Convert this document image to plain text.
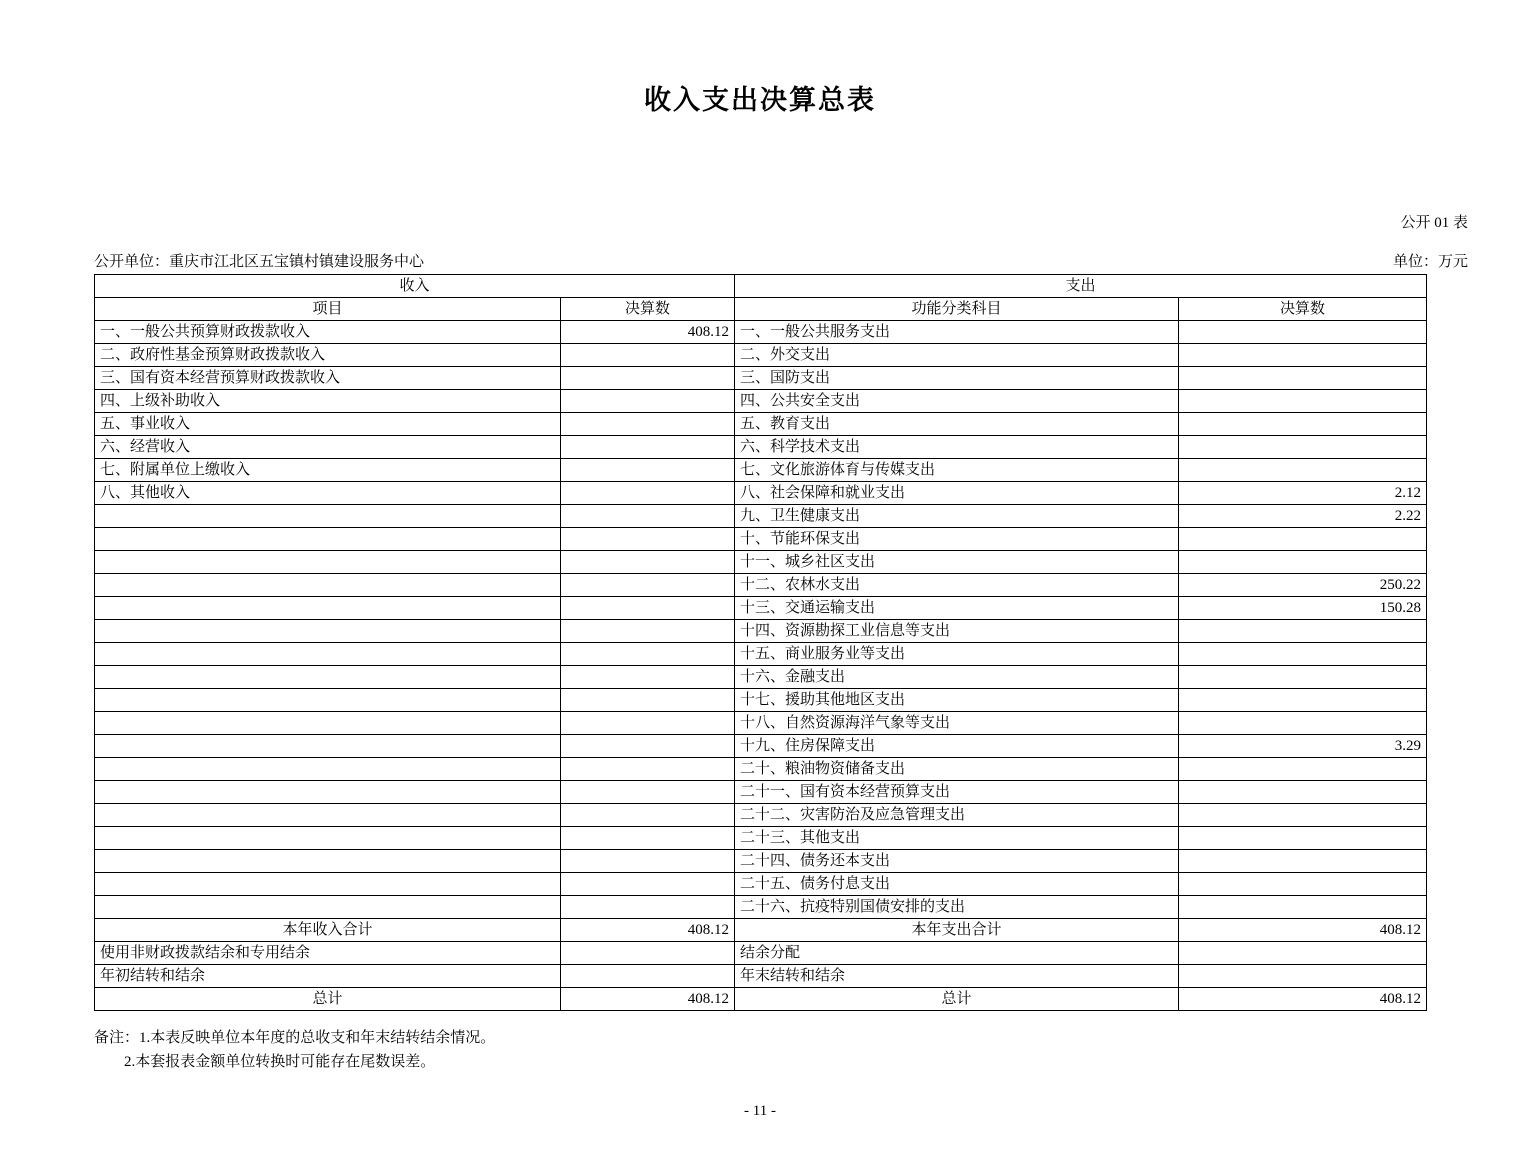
收入支出决算总表
公开 01 表
公开单位：重庆市江北区五宝镇村镇建设服务中心	单位：万元
收入		支出	
项目	决算数	功能分类科目	决算数
一、一般公共预算财政拨款收入	408.12	一、一般公共服务支出	
二、政府性基金预算财政拨款收入		二、外交支出	
三、国有资本经营预算财政拨款收入		三、国防支出	
四、上级补助收入		四、公共安全支出	
五、事业收入		五、教育支出	
六、经营收入		六、科学技术支出	
七、附属单位上缴收入		七、文化旅游体育与传媒支出	
八、其他收入		八、社会保障和就业支出	2.12
		九、卫生健康支出	2.22
		十、节能环保支出	
		十一、城乡社区支出	
		十二、农林水支出	250.22
		十三、交通运输支出	150.28
		十四、资源勘探工业信息等支出	
		十五、商业服务业等支出	
		十六、金融支出	
		十七、援助其他地区支出	
		十八、自然资源海洋气象等支出	
		十九、住房保障支出	3.29
		二十、粮油物资储备支出	
		二十一、国有资本经营预算支出	
		二十二、灾害防治及应急管理支出	
		二十三、其他支出	
		二十四、债务还本支出	
		二十五、债务付息支出	
		二十六、抗疫特别国债安排的支出	
本年收入合计	408.12	本年支出合计	408.12
使用非财政拨款结余和专用结余		结余分配	
年初结转和结余		年末结转和结余	
总计	408.12	总计	408.12
备注：1.本表反映单位本年度的总收支和年末结转结余情况。
2.本套报表金额单位转换时可能存在尾数误差。
- 11 -
